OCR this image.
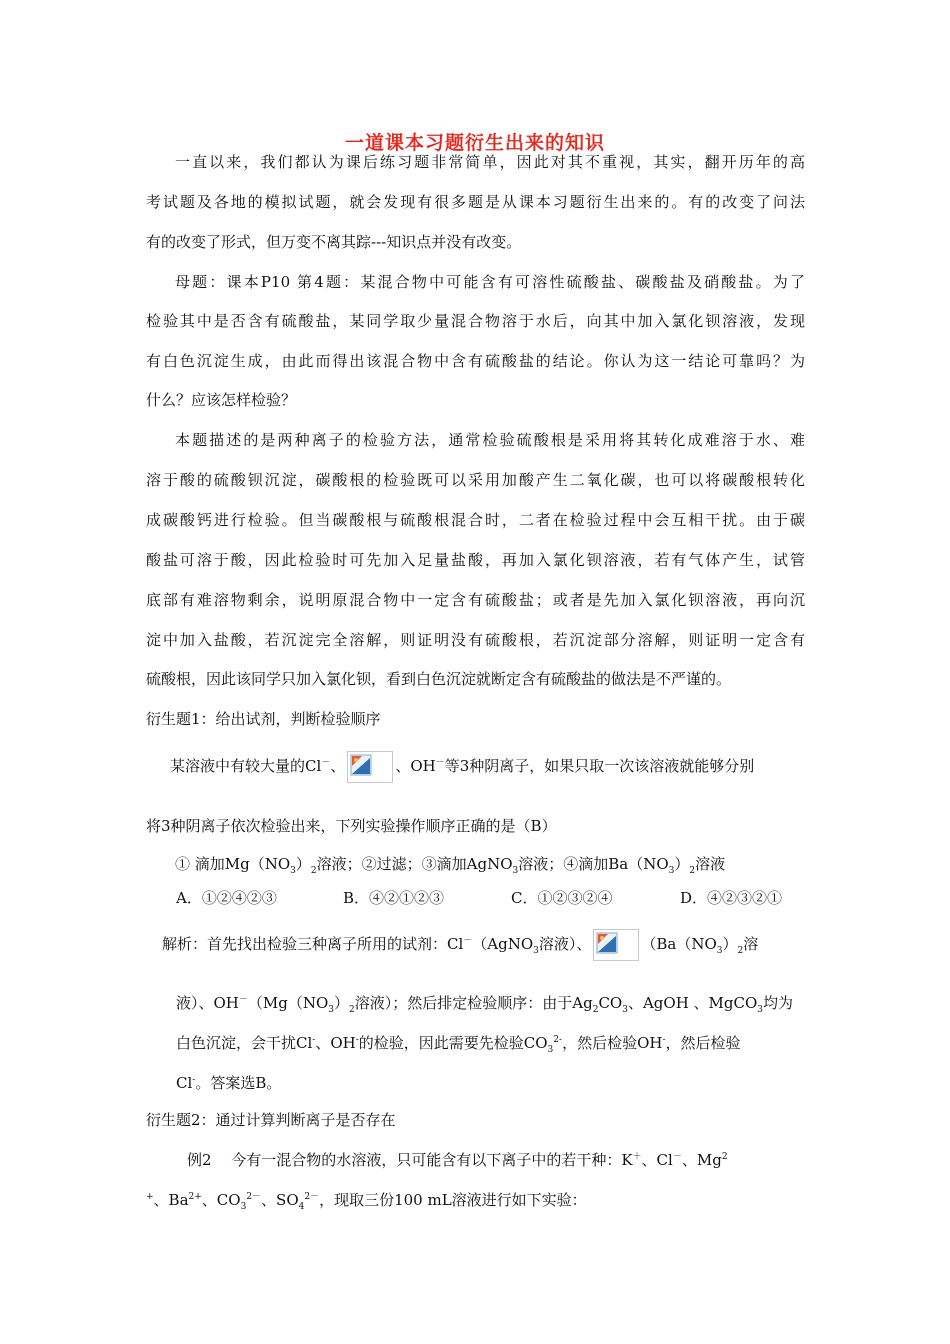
一道课本习题衍生出来的知识
一直以来，我们都认为课后练习题非常简单，因此对其不重视，其实，翻开历年的高
考试题及各地的模拟试题，就会发现有很多题是从课本习题衍生出来的。有的改变了问法
有的改变了形式，但万变不离其踪---知识点并没有改变。
母题：课本P10 第4题：某混合物中可能含有可溶性硫酸盐、碳酸盐及硝酸盐。为了
检验其中是否含有硫酸盐，某同学取少量混合物溶于水后，向其中加入氯化钡溶液，发现
有白色沉淀生成，由此而得出该混合物中含有硫酸盐的结论。你认为这一结论可靠吗？为
什么？应该怎样检验？
本题描述的是两种离子的检验方法，通常检验硫酸根是采用将其转化成难溶于水、难
溶于酸的硫酸钡沉淀，碳酸根的检验既可以采用加酸产生二氧化碳，也可以将碳酸根转化
成碳酸钙进行检验。但当碳酸根与硫酸根混合时，二者在检验过程中会互相干扰。由于碳
酸盐可溶于酸，因此检验时可先加入足量盐酸，再加入氯化钡溶液，若有气体产生，试管
底部有难溶物剩余，说明原混合物中一定含有硫酸盐；或者是先加入氯化钡溶液，再向沉
淀中加入盐酸，若沉淀完全溶解，则证明没有硫酸根，若沉淀部分溶解，则证明一定含有
硫酸根，因此该同学只加入氯化钡，看到白色沉淀就断定含有硫酸盐的做法是不严谨的。
衍生题1：给出试剂，判断检验顺序
某溶液中有较大量的Cl－、	、OH－等3种阴离子，如果只取一次该溶液就能够分别
将3种阴离子依次检验出来，下列实验操作顺序正确的是（B）
① 滴加$Mg(NO_3)_2$溶液；②过滤；③滴加AgNO$_3$溶液；④滴加$Ba(NO_3)_2$溶液
A．①②④②③	B．④②①②③	C．①②③②④	D．④②③②①
解析：首先找出检验三种离子所用的试剂：Cl－（AgNO$_3$溶液）、	（$Ba(NO_3)_2$溶
液）、$OH^-(Mg(NO_3)_2$溶液）；然后排定检验顺序：由于$Ag_2CO_3$、AgOH 、MgCO$_3$均为
白色沉淀，会干扰Cl-、OH-的检验，因此需要先检验$CO_3^{2-}$，然后检验OH-，然后检验
Cl-。答案选B。
衍生题2：通过计算判断离子是否存在
例2　 今有一混合物的水溶液，只可能含有以下离子中的若干种：K＋、Cl－、Mg$^2$
+、$Ba^{2+}$、$CO_3^{2-}$、$SO_4^{2-}$，现取三份100 mL溶液进行如下实验：
